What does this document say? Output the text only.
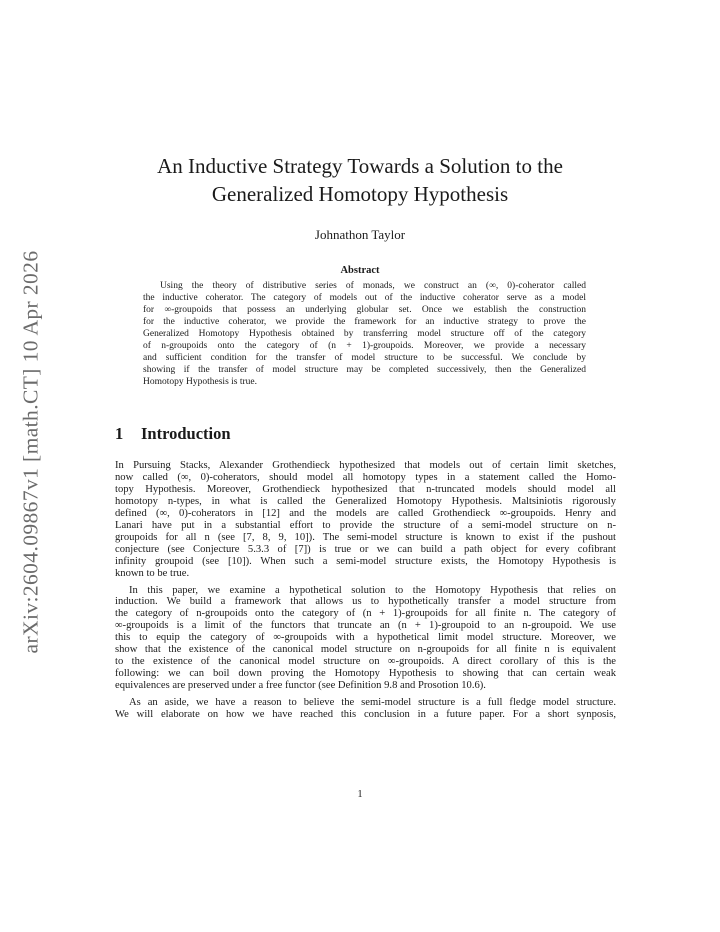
arXiv:2604.09867v1 [math.CT] 10 Apr 2026
An Inductive Strategy Towards a Solution to the
Generalized Homotopy Hypothesis
Johnathon Taylor
Abstract
Using the theory of distributive series of monads, we construct an (∞, 0)-coherator called
the inductive coherator. The category of models out of the inductive coherator serve as a model
for ∞-groupoids that possess an underlying globular set. Once we establish the construction
for the inductive coherator, we provide the framework for an inductive strategy to prove the
Generalized Homotopy Hypothesis obtained by transferring model structure off of the category
of n-groupoids onto the category of (n + 1)-groupoids. Moreover, we provide a necessary
and sufficient condition for the transfer of model structure to be successful. We conclude by
showing if the transfer of model structure may be completed successively, then the Generalized
Homotopy Hypothesis is true.
1 Introduction
In Pursuing Stacks, Alexander Grothendieck hypothesized that models out of certain limit sketches,
now called (∞, 0)-coherators, should model all homotopy types in a statement called the Homo-
topy Hypothesis. Moreover, Grothendieck hypothesized that n-truncated models should model all
homotopy n-types, in what is called the Generalized Homotopy Hypothesis. Maltsiniotis rigorously
defined (∞, 0)-coherators in [12] and the models are called Grothendieck ∞-groupoids. Henry and
Lanari have put in a substantial effort to provide the structure of a semi-model structure on n-
groupoids for all n (see [7, 8, 9, 10]). The semi-model structure is known to exist if the pushout
conjecture (see Conjecture 5.3.3 of [7]) is true or we can build a path object for every cofibrant
infinity groupoid (see [10]). When such a semi-model structure exists, the Homotopy Hypothesis is
known to be true.
In this paper, we examine a hypothetical solution to the Homotopy Hypothesis that relies on
induction. We build a framework that allows us to hypothetically transfer a model structure from
the category of n-groupoids onto the category of (n + 1)-groupoids for all finite n. The category of
∞-groupoids is a limit of the functors that truncate an (n + 1)-groupoid to an n-groupoid. We use
this to equip the category of ∞-groupoids with a hypothetical limit model structure. Moreover, we
show that the existence of the canonical model structure on n-groupoids for all finite n is equivalent
to the existence of the canonical model structure on ∞-groupoids. A direct corollary of this is the
following: we can boil down proving the Homotopy Hypothesis to showing that can certain weak
equivalences are preserved under a free functor (see Definition 9.8 and Prosotion 10.6).
As an aside, we have a reason to believe the semi-model structure is a full fledge model structure.
We will elaborate on how we have reached this conclusion in a future paper. For a short synposis,
1
